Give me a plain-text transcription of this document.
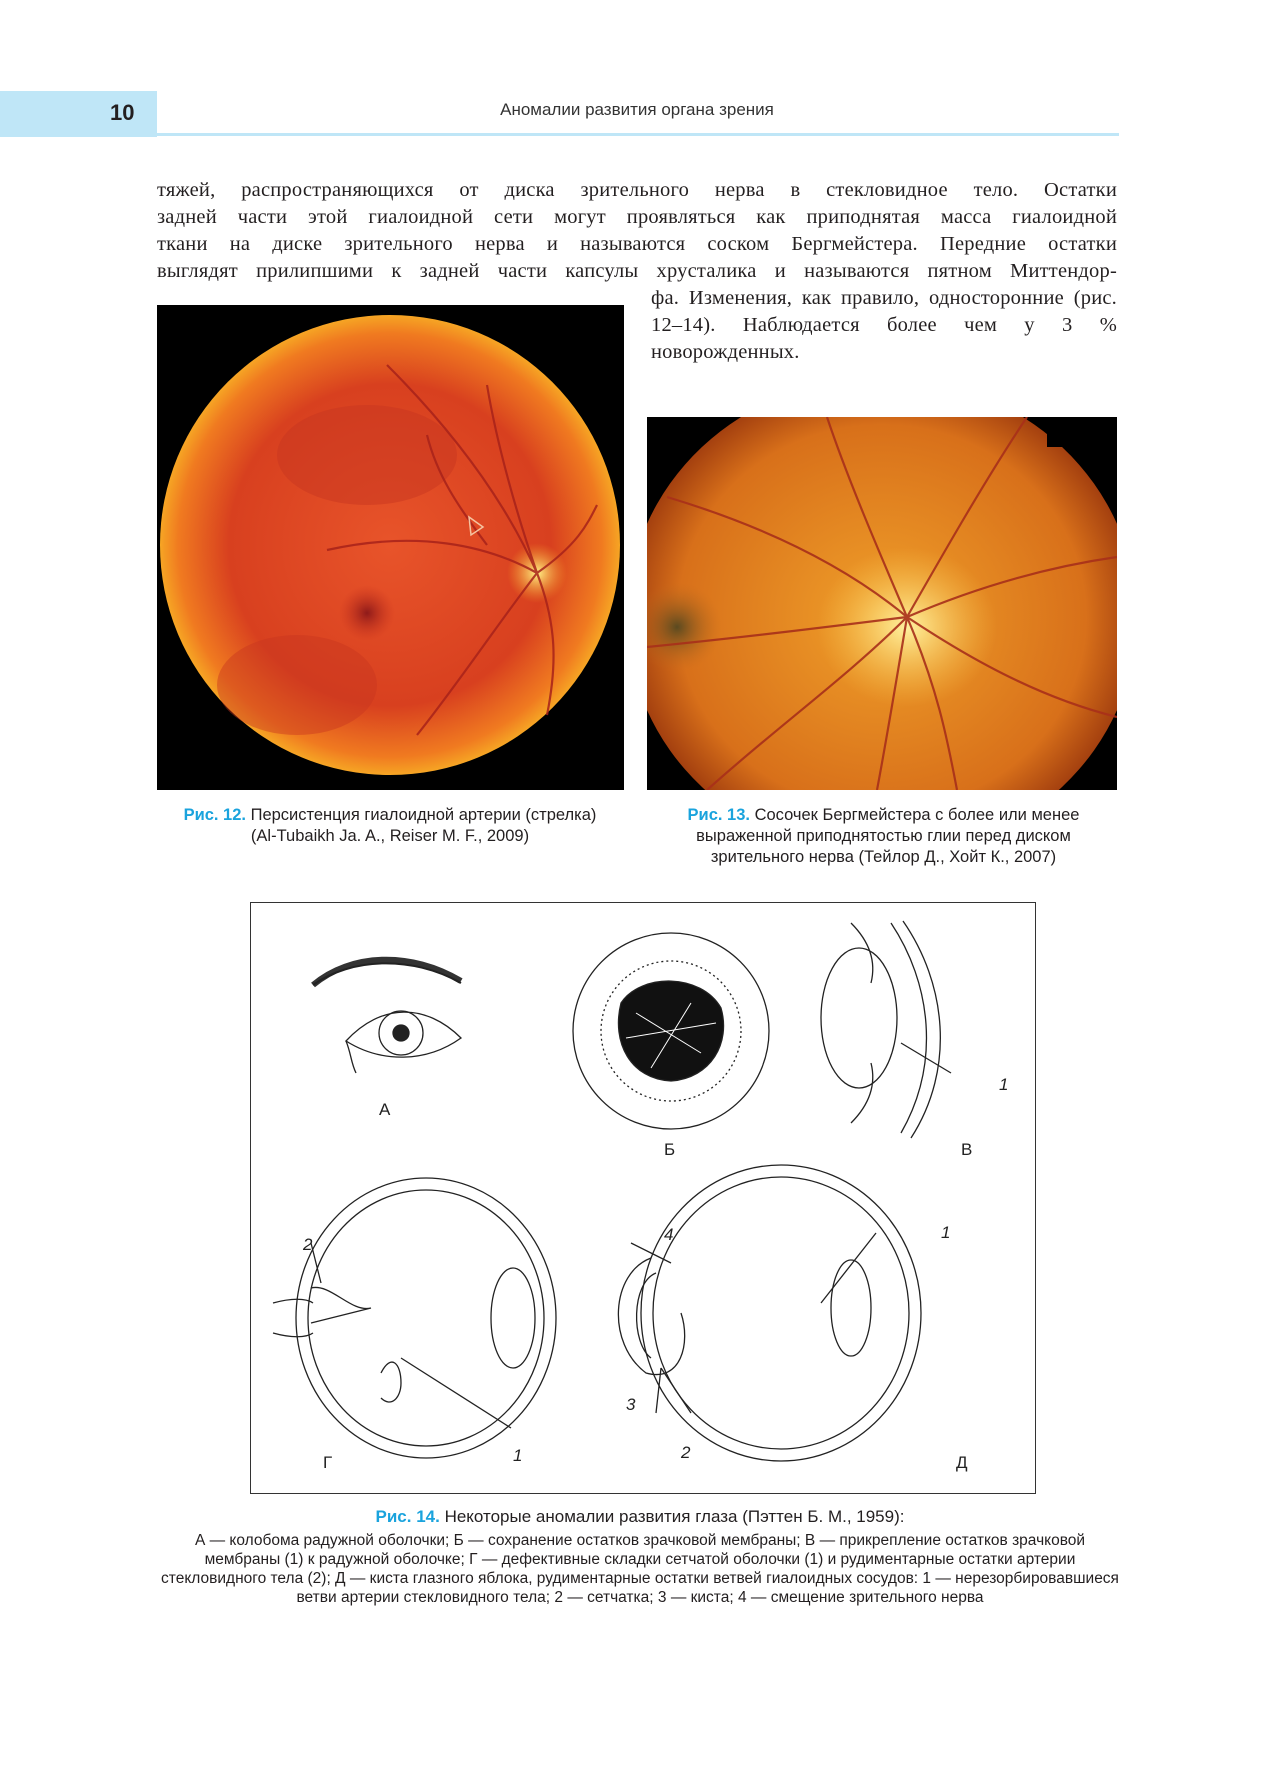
10	Аномалии развития органа зрения
тяжей, распространяющихся от диска зрительного нерва в стекловидное тело. Остатки
задней части этой гиалоидной сети могут проявляться как приподнятая масса гиалоидной
ткани на диске зрительного нерва и называются соском Бергмейстера. Передние остатки
выглядят прилипшими к задней части капсулы хрусталика и называются пятном Миттендор-
фа. Изменения, как правило, односторонние (рис. 12–14). Наблюдается более чем у 3 % новорожденных.
Рис. 12. Персистенция гиалоидной артерии (стрелка) (Al-Tubaikh Ja. A., Reiser M. F., 2009)
Рис. 13. Сосочек Бергмейстера с более или менее выраженной приподнятостью глии перед диском зрительного нерва (Тейлор Д., Хойт К., 2007)
А
Б	В
Г	Д
1
1
2
1
2
3
4
Рис. 14. Некоторые аномалии развития глаза (Пэттен Б. М., 1959):
А — колобома радужной оболочки; Б — сохранение остатков зрачковой мембраны; В — прикрепление остатков зрачковой мембраны (1) к радужной оболочке; Г — дефективные складки сетчатой оболочки (1) и рудиментарные остатки артерии стекловидного тела (2); Д — киста глазного яблока, рудиментарные остатки ветвей гиалоидных сосудов: 1 — нерезорбировавшиеся ветви артерии стекловидного тела; 2 — сетчатка; 3 — киста; 4 — смещение зрительного нерва
